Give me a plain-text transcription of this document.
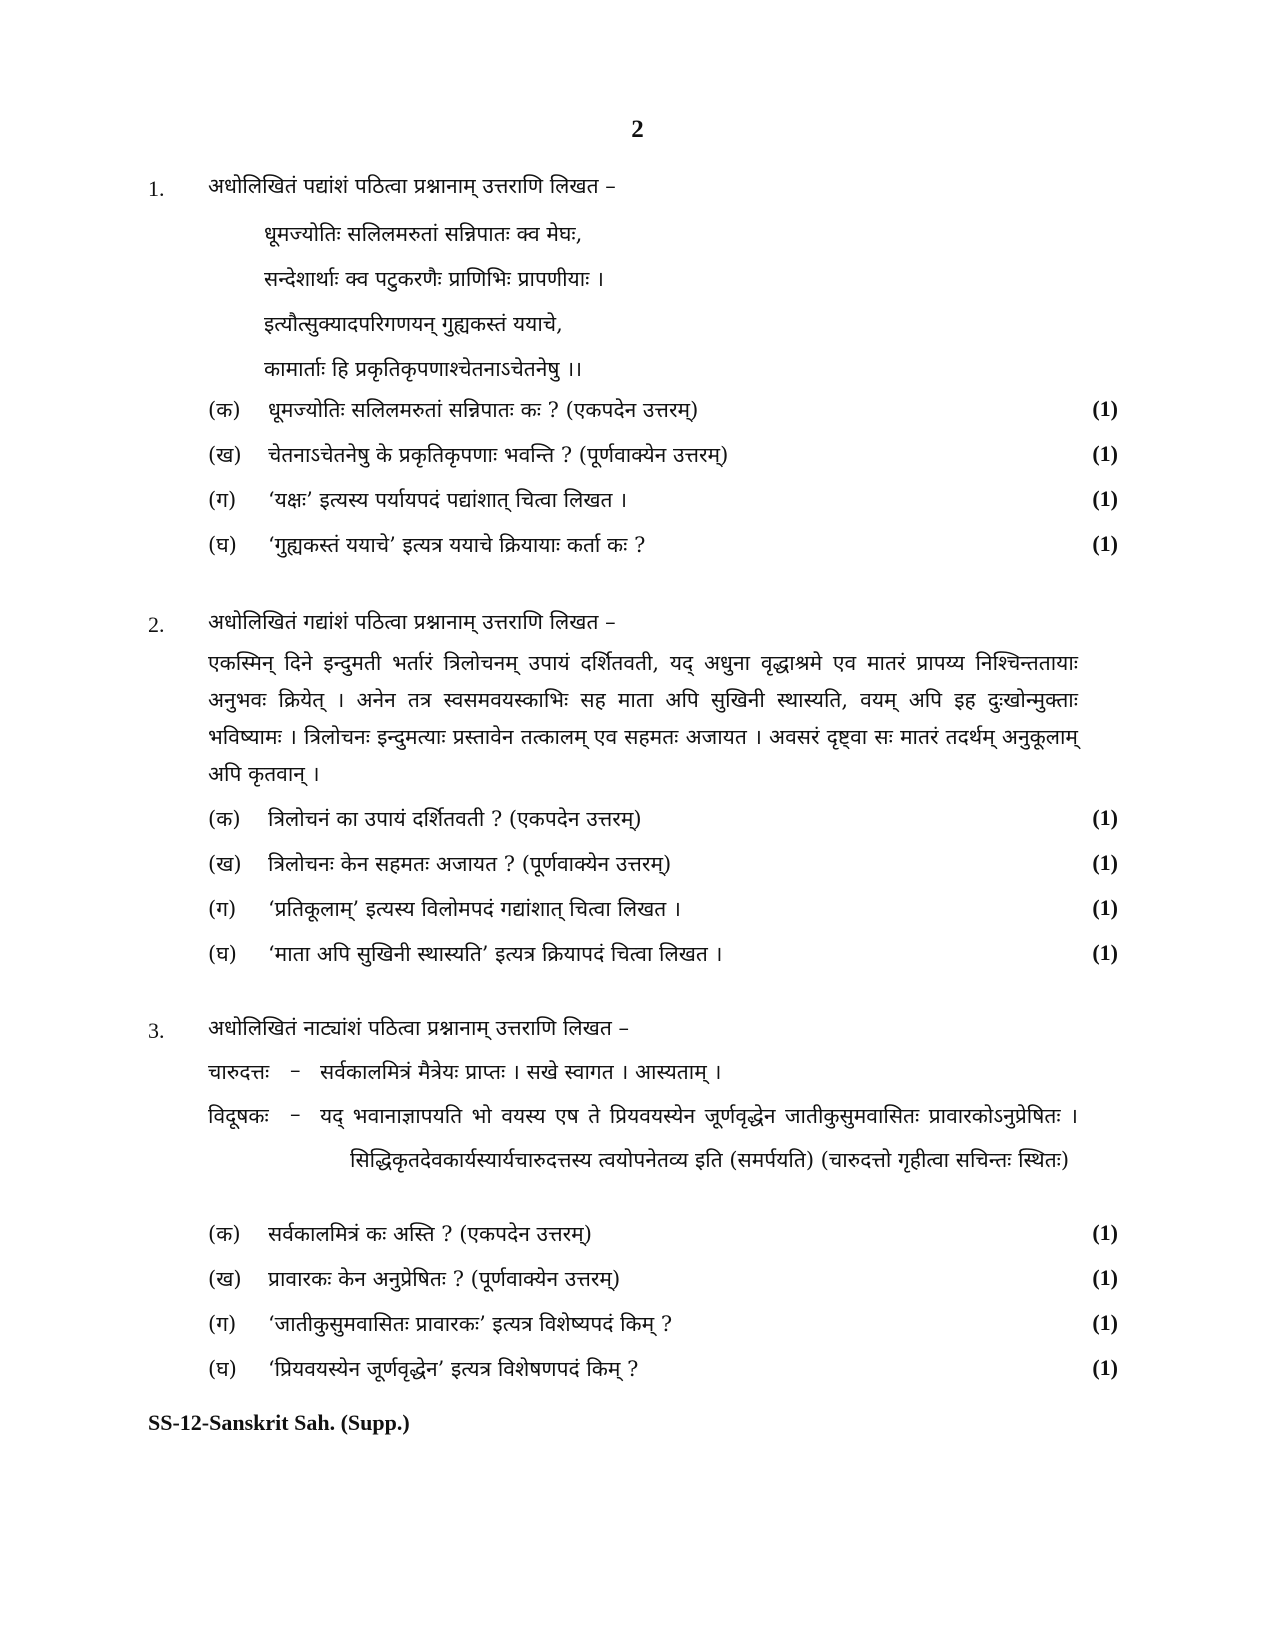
2
1. अधोलिखितं पद्यांशं पठित्वा प्रश्नानाम् उत्तराणि लिखत –
धूमज्योतिः सलिलमरुतां सन्निपातः क्व मेघः,
सन्देशार्थाः क्व पटुकरणैः प्राणिभिः प्रापणीयाः ।
इत्यौत्सुक्यादपरिगणयन् गुह्यकस्तं ययाचे,
कामार्ताः हि प्रकृतिकृपणाश्चेतनाऽचेतनेषु ।।
(क) धूमज्योतिः सलिलमरुतां सन्निपातः कः ? (एकपदेन उत्तरम्)	(1)
(ख) चेतनाऽचेतनेषु के प्रकृतिकृपणाः भवन्ति ? (पूर्णवाक्येन उत्तरम्)	(1)
(ग) ‘यक्षः’ इत्यस्य पर्यायपदं पद्यांशात् चित्वा लिखत ।	(1)
(घ) ‘गुह्यकस्तं ययाचे’ इत्यत्र ययाचे क्रियायाः कर्ता कः ?	(1)
2. अधोलिखितं गद्यांशं पठित्वा प्रश्नानाम् उत्तराणि लिखत –
एकस्मिन् दिने इन्दुमती भर्तारं त्रिलोचनम् उपायं दर्शितवती, यद् अधुना वृद्धाश्रमे एव मातरं प्रापय्य निश्चिन्ततायाः अनुभवः क्रियेत् । अनेन तत्र स्वसमवयस्काभिः सह माता अपि सुखिनी स्थास्यति, वयम् अपि इह दुःखोन्मुक्ताः भविष्यामः । त्रिलोचनः इन्दुमत्याः प्रस्तावेन तत्कालम् एव सहमतः अजायत । अवसरं दृष्ट्वा सः मातरं तदर्थम् अनुकूलाम् अपि कृतवान् ।
(क) त्रिलोचनं का उपायं दर्शितवती ? (एकपदेन उत्तरम्)	(1)
(ख) त्रिलोचनः केन सहमतः अजायत ? (पूर्णवाक्येन उत्तरम्)	(1)
(ग) ‘प्रतिकूलाम्’ इत्यस्य विलोमपदं गद्यांशात् चित्वा लिखत ।	(1)
(घ) ‘माता अपि सुखिनी स्थास्यति’ इत्यत्र क्रियापदं चित्वा लिखत ।	(1)
3. अधोलिखितं नाट्यांशं पठित्वा प्रश्नानाम् उत्तराणि लिखत –
चारुदत्तः – सर्वकालमित्रं मैत्रेयः प्राप्तः । सखे स्वागत । आस्यताम् ।
विदूषकः – यद् भवानाज्ञापयति भो वयस्य एष ते प्रियवयस्येन जूर्णवृद्धेन जातीकुसुमवासितः प्रावारकोऽनुप्रेषितः । सिद्धिकृतदेवकार्यस्यार्यचारुदत्तस्य त्वयोपनेतव्य इति (समर्पयति) (चारुदत्तो गृहीत्वा सचिन्तः स्थितः)
(क) सर्वकालमित्रं कः अस्ति ? (एकपदेन उत्तरम्)	(1)
(ख) प्रावारकः केन अनुप्रेषितः ? (पूर्णवाक्येन उत्तरम्)	(1)
(ग) ‘जातीकुसुमवासितः प्रावारकः’ इत्यत्र विशेष्यपदं किम् ?	(1)
(घ) ‘प्रियवयस्येन जूर्णवृद्धेन’ इत्यत्र विशेषणपदं किम् ?	(1)
SS-12-Sanskrit Sah. (Supp.)
